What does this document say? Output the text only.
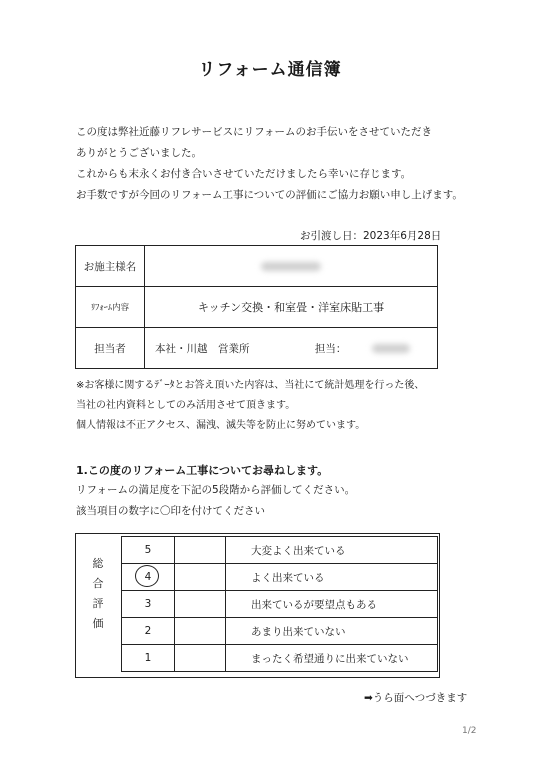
リフォーム通信簿
この度は弊社近藤リフレサービスにリフォームのお手伝いをさせていただき
ありがとうございました。
これからも末永くお付き合いさせていただけましたら幸いに存じます。
お手数ですが今回のリフォーム工事についての評価にご協力お願い申し上げます。
お引渡し日：2023年6月28日
お施主様名	
ﾘﾌｫｰﾑ内容	キッチン交換・和室畳・洋室床貼工事
担当者	本社・川越　営業所 担当：
※お客様に関するﾃﾞｰﾀとお答え頂いた内容は、当社にて統計処理を行った後、
当社の社内資料としてのみ活用させて頂きます。
個人情報は不正アクセス、漏洩、滅失等を防止に努めています。
1.この度のリフォーム工事についてお尋ねします。
リフォームの満足度を下記の5段階から評価してください。
該当項目の数字に〇印を付けてください
総
合
評
価
5		大変よく出来ている
4		よく出来ている
3		出来ているが要望点もある
2		あまり出来ていない
1		まったく希望通りに出来ていない
➡うら面へつづきます
1/2
